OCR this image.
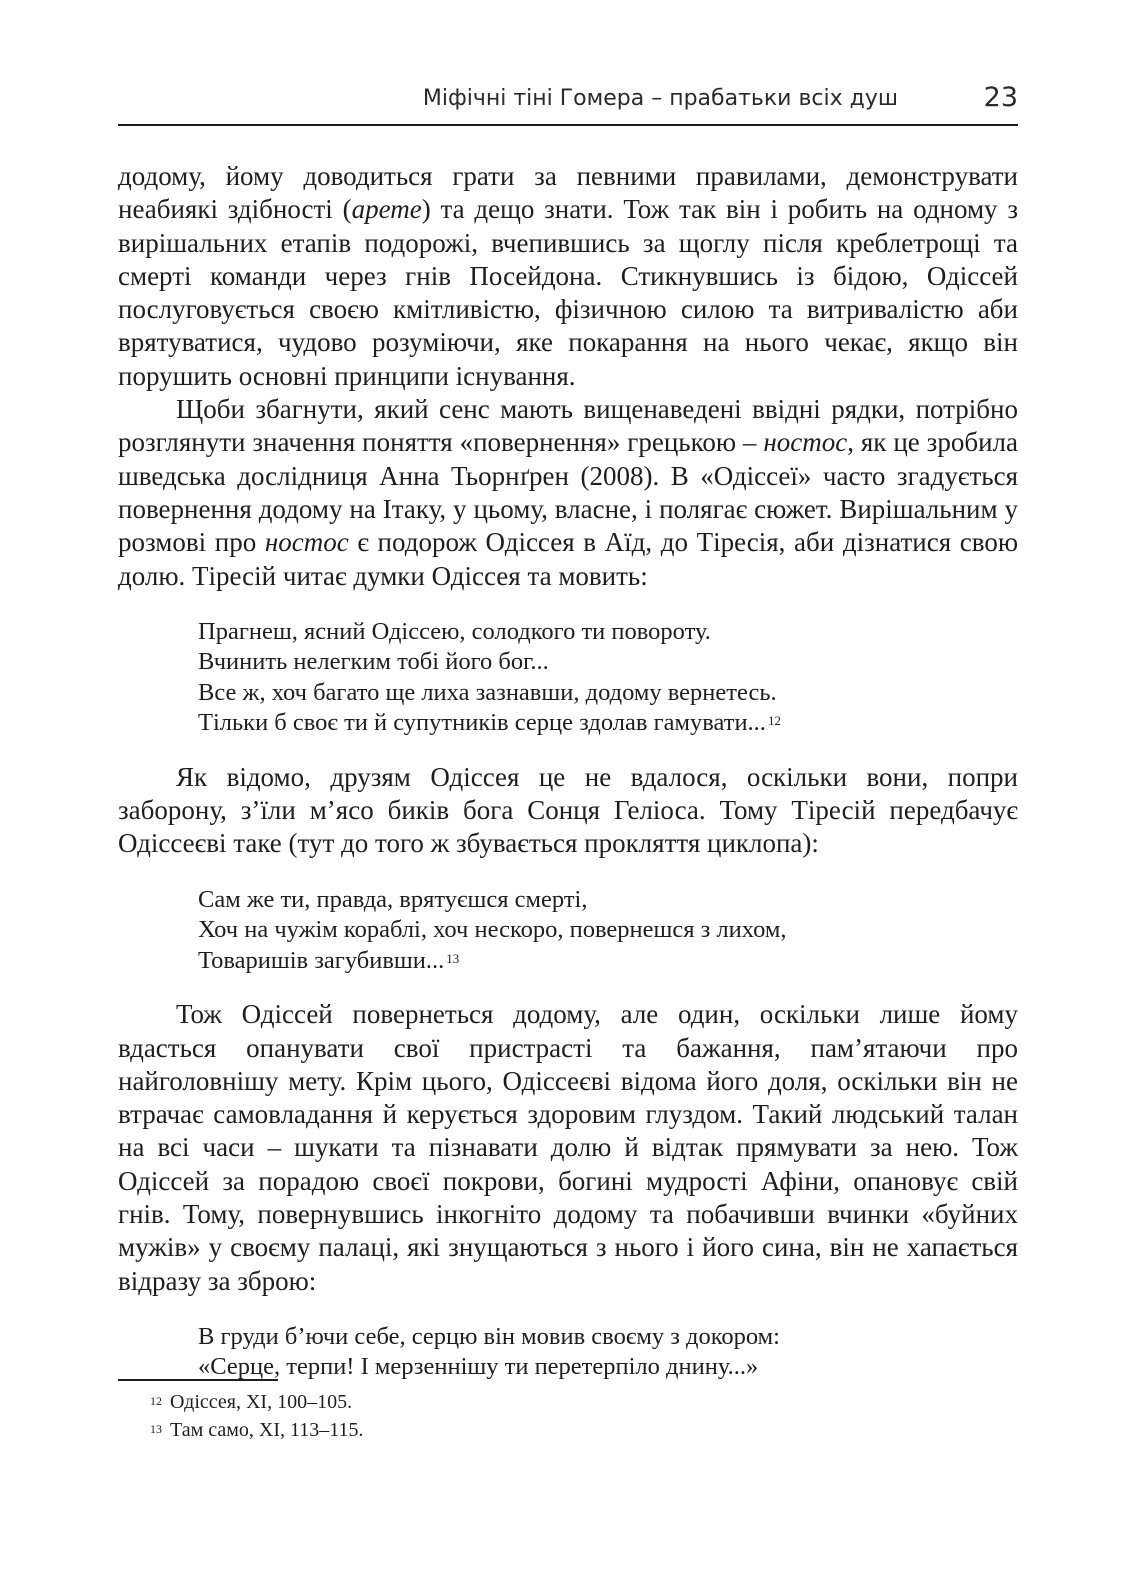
Міфічні тіні Гомера – прабатьки всіх душ	23

додому, йому доводиться грати за певними правилами, демонструвати неабиякі здібності (арете) та дещо знати. Тож так він і робить на одному з вирішальних етапів подорожі, вчепившись за щоглу після креблетрощі та смерті команди через гнів Посейдона. Стикнувшись із бідою, Одіссей послуговується своєю кмітливістю, фізичною силою та витривалістю аби врятуватися, чудово розуміючи, яке покарання на нього чекає, якщо він порушить основні принципи існування.

Щоби збагнути, який сенс мають вищенаведені ввідні рядки, потрібно розглянути значення поняття «повернення» грецькою – ностос, як це зробила шведська дослідниця Анна Тьорнґрен (2008). В «Одіссеї» часто згадується повернення додому на Ітаку, у цьому, власне, і полягає сюжет. Вирішальним у розмові про ностос є подорож Одіссея в Аїд, до Тіресія, аби дізнатися свою долю. Тіресій читає думки Одіссея та мовить:

Прагнеш, ясний Одіссею, солодкого ти повороту.
Вчинить нелегким тобі його бог...
Все ж, хоч багато ще лиха зазнавши, додому вернетесь.
Тільки б своє ти й супутників серце здолав гамувати... $^{12}$

Як відомо, друзям Одіссея це не вдалося, оскільки вони, попри заборону, з’їли м’ясо биків бога Сонця Геліоса. Тому Тіресій передбачує Одіссеєві таке (тут до того ж збувається прокляття циклопа):

Сам же ти, правда, врятуєшся смерті,
Хоч на чужім кораблі, хоч нескоро, повернешся з лихом,
Товаришів загубивши... $^{13}$

Тож Одіссей повернеться додому, але один, оскільки лише йому вдасться опанувати свої пристрасті та бажання, пам’ятаючи про найголовнішу мету. Крім цього, Одіссеєві відома його доля, оскільки він не втрачає самовладання й керується здоровим глуздом. Такий людський талан на всі часи – шукати та пізнавати долю й відтак прямувати за нею. Тож Одіссей за порадою своєї покрови, богині мудрості Афіни, опановує свій гнів. Тому, повернувшись інкогніто додому та побачивши вчинки «буйних мужів» у своєму палаці, які знущаються з нього і його сина, він не хапається відразу за зброю:

В груди б’ючи себе, серцю він мовив своєму з докором:
«Серце, терпи! І мерзеннішу ти перетерпіло днину...»
$^{12}$ Одіссея, XI, 100–105.
$^{13}$ Там само, XI, 113–115.
